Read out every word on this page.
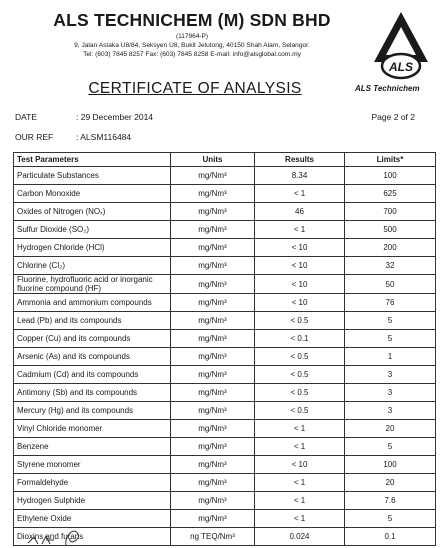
ALS TECHNICHEM (M) SDN BHD
(117964-P)
9, Jalan Astaka U8/84, Seksyen U8, Bukit Jelutong, 40150 Shah Alam, Selangor.
Tel: (603) 7845 8257 Fax: (603) 7845 8258 E-mail: info@alsglobal.com.my
ALS
ALS Technichem
CERTIFICATE OF ANALYSIS
DATE	: 29 December 2014	Page 2 of 2
OUR REF	: ALSM116484
Test Parameters	Units	Results	Limits*
Particulate Substances	mg/Nm³	8.34	100
Carbon Monoxide	mg/Nm³	< 1	625
Oxides of Nitrogen (NOₓ)	mg/Nm³	46	700
Sulfur Dioxide (SO₂)	mg/Nm³	< 1	500
Hydrogen Chloride (HCl)	mg/Nm³	< 10	200
Chlorine (Cl₂)	mg/Nm³	< 10	32
Fluorine, hydrofluoric acid or inorganic fluorine compound (HF)	mg/Nm³	< 10	50
Ammonia and ammonium compounds	mg/Nm³	< 10	76
Lead (Pb) and its compounds	mg/Nm³	< 0.5	5
Copper (Cu) and its compounds	mg/Nm³	< 0.1	5
Arsenic (As) and its compounds	mg/Nm³	< 0.5	1
Cadmium (Cd) and its compounds	mg/Nm³	< 0.5	3
Antimony (Sb) and its compounds	mg/Nm³	< 0.5	3
Mercury (Hg) and its compounds	mg/Nm³	< 0.5	3
Vinyl Chloride monomer	mg/Nm³	< 1	20
Benzene	mg/Nm³	< 1	5
Styrene monomer	mg/Nm³	< 10	100
Formaldehyde	mg/Nm³	< 1	20
Hydrogen Sulphide	mg/Nm³	< 1	7.6
Ethylene Oxide	mg/Nm³	< 1	5
Dioxins and furans	ng TEQ/Nm³	0.024	0.1
